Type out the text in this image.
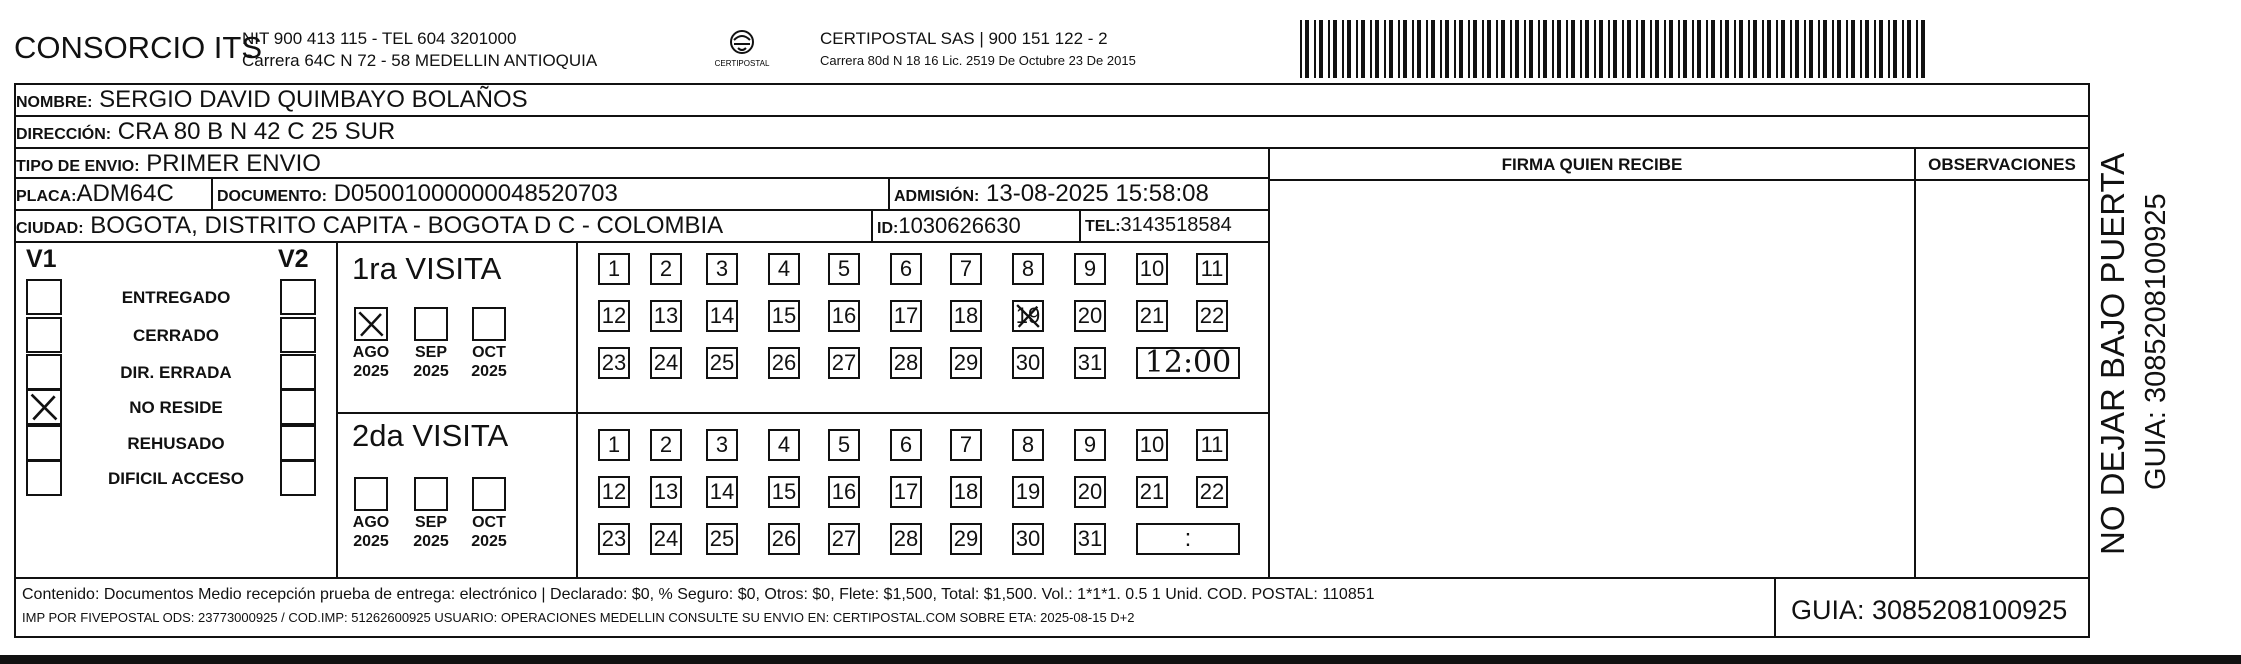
CONSORCIO ITS
NIT 900 413 115 - TEL 604 3201000
Carrera 64C N 72 - 58 MEDELLIN ANTIOQUIA	CERTIPOSTAL
CERTIPOSTAL SAS | 900 151 122 - 2
Carrera 80d N 18 16 Lic. 2519 De Octubre 23 De 2015
NOMBRE: SERGIO DAVID QUIMBAYO BOLAÑOS
DIRECCIÓN: CRA 80 B N 42 C 25 SUR
TIPO DE ENVIO: PRIMER ENVIO
PLACA:ADM64C	DOCUMENTO: D05001000000048520703	ADMISIÓN: 13-08-2025 15:58:08
CIUDAD: BOGOTA, DISTRITO CAPITA - BOGOTA D C - COLOMBIA	ID:1030626630	TEL:3143518584
FIRMA QUIEN RECIBE	OBSERVACIONES
V1	V2
ENTREGADO
CERRADO
DIR. ERRADA
NO RESIDE
REHUSADO
DIFICIL ACCESO
1ra VISITA
2da VISITA
1	2	3	4	5	6	7	8	9	10 11
12 13 14 15 16 17 18 19 20 21 22
23 24 25 26 27 28 29 30 31 12:00
1	2	3	4	5	6	7	8	9	10 11
12 13 14 15 16 17 18 19 20 21 22
23 24 25 26 27 28 29 30 31	:
AGO
2025
SEP
2025
OCT
2025
AGO
2025
SEP
2025
OCT
2025
Contenido: Documentos Medio recepción prueba de entrega: electrónico | Declarado: $0, % Seguro: $0, Otros: $0, Flete: $1,500, Total: $1,500. Vol.: 1*1*1. 0.5 1 Unid. COD. POSTAL: 110851
IMP POR FIVEPOSTAL ODS: 23773000925 / COD.IMP: 51262600925 USUARIO: OPERACIONES MEDELLIN CONSULTE SU ENVIO EN: CERTIPOSTAL.COM SOBRE ETA: 2025-08-15 D+2	GUIA: 3085208100925
NO DEJAR BAJO PUERTA GUIA: 3085208100925
